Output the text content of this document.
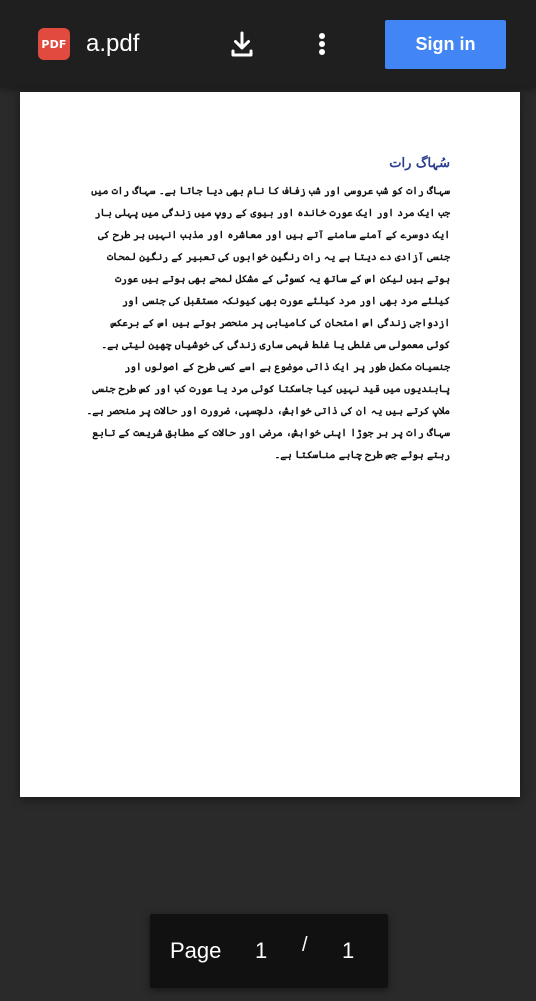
PDF a.pdf	Sign in
سُہاگ رات

سہاگ رات کو شب عروسی اور شب زفاف کا نام بھی دیا جاتا ہے۔ سہاگ رات میں جب ایک مرد اور ایک عورت خاندہ اور بیوی کے روپ میں زندگی میں پہلی بار ایک دوسرے کے آمنے سامنے آتے ہیں اور معاشرہ اور مذہب انہیں ہر طرح کی جنسی آزادی دے دیتا ہے یہ رات رنگین خوابوں کی تعبیر کے رنگین لمحات ہوتے ہیں لیکن اس کے ساتھ یہ کسوٹی کے مشکل لمحے بھی ہوتے ہیں عورت کیلئے مرد بھی اور مرد کیلئے عورت بھی کیونکہ مستقبل کی جنسی اور ازدواجی زندگی اس امتحان کی کامیابی پر منحصر ہوتے ہیں اس کے برعکس کوئی معمولی سی غلطی یا غلط فہمی ساری زندگی کی خوشیاں چھین لیتی ہے۔

جنسیات مکمل طور پر ایک ذاتی موضوع ہے اسے کسی طرح کے اصولوں اور پابندیوں میں قید نہیں کیا جاسکتا کوئی مرد یا عورت کب اور کس طرح جنسی ملاپ کرتے ہیں یہ ان کی ذاتی خواہش، دلچسپی، ضرورت اور حالات پر منحصر ہے۔ سہاگ رات پر ہر جوڑا اپنی خواہش، مرضی اور حالات کے مطابق شریعت کے تابع رہتے ہوئے جس طرح چاہے مناسکتا ہے۔

Page 1 / 1
